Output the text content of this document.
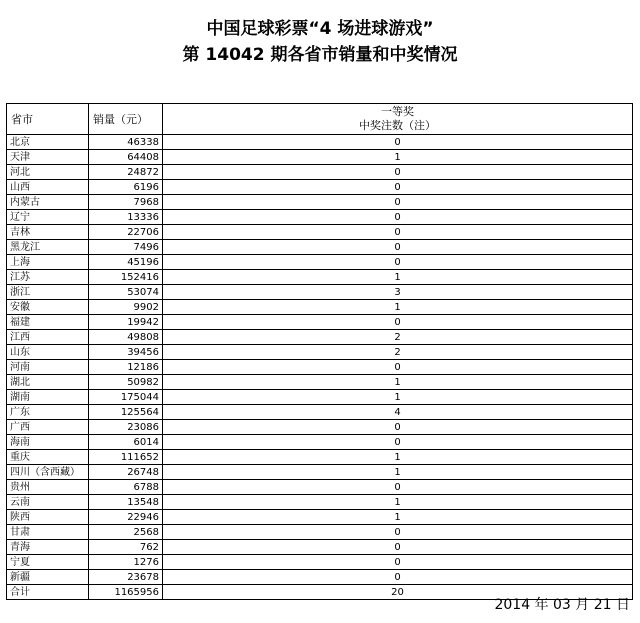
中国足球彩票“4 场进球游戏”
第 14042 期各省市销量和中奖情况
省市	销量（元）	一等奖
中奖注数（注）

北京	46338	0
天津	64408	1
河北	24872	0
山西	6196	0
内蒙古	7968	0
辽宁	13336	0
吉林	22706	0
黑龙江	7496	0
上海	45196	0
江苏	152416	1
浙江	53074	3
安徽	9902	1
福建	19942	0
江西	49808	2
山东	39456	2
河南	12186	0
湖北	50982	1
湖南	175044	1
广东	125564	4
广西	23086	0
海南	6014	0
重庆	111652	1
四川（含西藏）	26748	1
贵州	6788	0
云南	13548	1
陕西	22946	1
甘肃	2568	0
青海	762	0
宁夏	1276	0
新疆	23678	0
合计	1165956	20
2014 年 03 月 21 日
